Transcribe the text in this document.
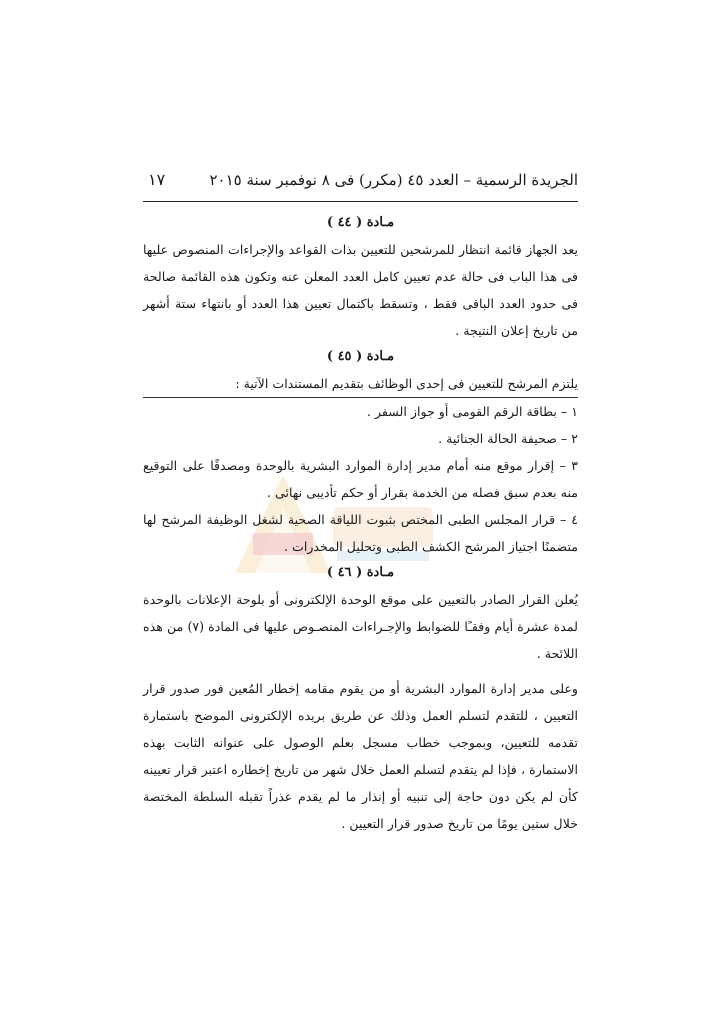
الجريدة الرسمية – العدد ٤٥ (مكرر) فى ٨ نوفمبر سنة ٢٠١٥
١٧
مـادة ( ٤٤ )

يعد الجهاز قائمة انتظار للمرشحين للتعيين بذات القواعد والإجراءات المنصوص عليها فى هذا الباب فى حالة عدم تعيين كامل العدد المعلن عنه وتكون هذه القائمة صالحة فى حدود العدد الباقى فقط ، وتسقط باكتمال تعيين هذا العدد أو بانتهاء ستة أشهر من تاريخ إعلان النتيجة .

مـادة ( ٤٥ )
يلتزم المرشح للتعيين فى إحدى الوظائف بتقديم المستندات الآتية :

١ – بطاقة الرقم القومى أو جواز السفر .

٢ – صحيفة الحالة الجنائية .

٣ – إقرار موقع منه أمام مدير إدارة الموارد البشرية بالوحدة ومصدقًا على التوقيع منه بعدم سبق فصله من الخدمة بقرار أو حكم تأديبى نهائى .

٤ – قرار المجلس الطبى المختص بثبوت اللياقة الصحية لشغل الوظيفة المرشح لها متضمنًا اجتياز المرشح الكشف الطبى وتحليل المخدرات .

مـادة ( ٤٦ )

يُعلن القرار الصادر بالتعيين على موقع الوحدة الإلكترونى أو بلوحة الإعلانات بالوحدة لمدة عشرة أيام وفقـًا للضوابط والإجـراءات المنصـوص عليها فى المادة (٧) من هذه اللائحة .

وعلى مدير إدارة الموارد البشرية أو من يقوم مقامه إخطار المُعين فور صدور قرار التعيين ، للتقدم لتسلم العمل وذلك عن طريق بريده الإلكترونى الموضح باستمارة تقدمه للتعيين، وبموجب خطاب مسجل بعلم الوصول على عنوانه الثابت بهذه الاستمارة ، فإذا لم يتقدم لتسلم العمل خلال شهر من تاريخ إخطاره اعتبر قرار تعيينه كأن لم يكن دون حاجة إلى تنبيه أو إنذار ما لم يقدم عذراً تقبله السلطة المختصة خلال ستين يومًا من تاريخ صدور قرار التعيين .
